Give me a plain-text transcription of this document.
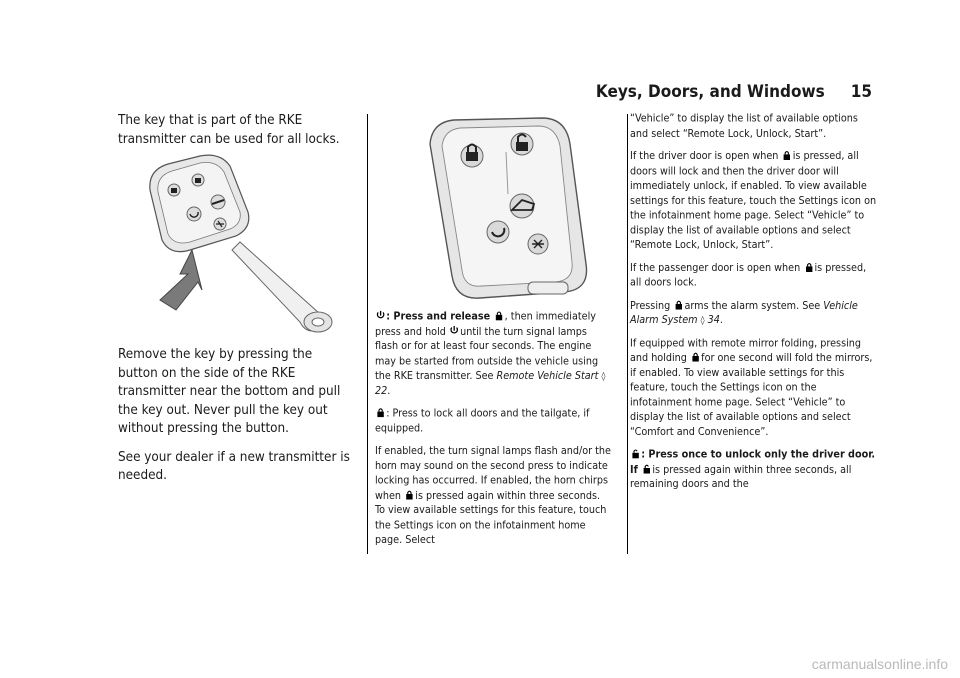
Keys, Doors, and Windows 15

The key that is part of the RKE transmitter can be used for all locks.

Remove the key by pressing the button on the side of the RKE transmitter near the bottom and pull the key out. Never pull the key out without pressing the button.

See your dealer if a new transmitter is needed.

: Press and release , then immediately press and hold until the turn signal lamps flash or for at least four seconds. The engine may be started from outside the vehicle using the RKE transmitter. See Remote Vehicle Start ◊ 22.

: Press to lock all doors and the tailgate, if equipped.

If enabled, the turn signal lamps flash and/or the horn may sound on the second press to indicate locking has occurred. If enabled, the horn chirps when is pressed again within three seconds. To view available settings for this feature, touch the Settings icon on the infotainment home page. Select

“Vehicle” to display the list of available options and select “Remote Lock, Unlock, Start”.

If the driver door is open when is pressed, all doors will lock and then the driver door will immediately unlock, if enabled. To view available settings for this feature, touch the Settings icon on the infotainment home page. Select “Vehicle” to display the list of available options and select “Remote Lock, Unlock, Start”.

If the passenger door is open when is pressed, all doors lock.

Pressing arms the alarm system. See Vehicle Alarm System ◊ 34.

If equipped with remote mirror folding, pressing and holding for one second will fold the mirrors, if enabled. To view available settings for this feature, touch the Settings icon on the infotainment home page. Select “Vehicle” to display the list of available options and select “Comfort and Convenience”.

: Press once to unlock only the driver door. If is pressed again within three seconds, all remaining doors and the

carmanualsonline.info
